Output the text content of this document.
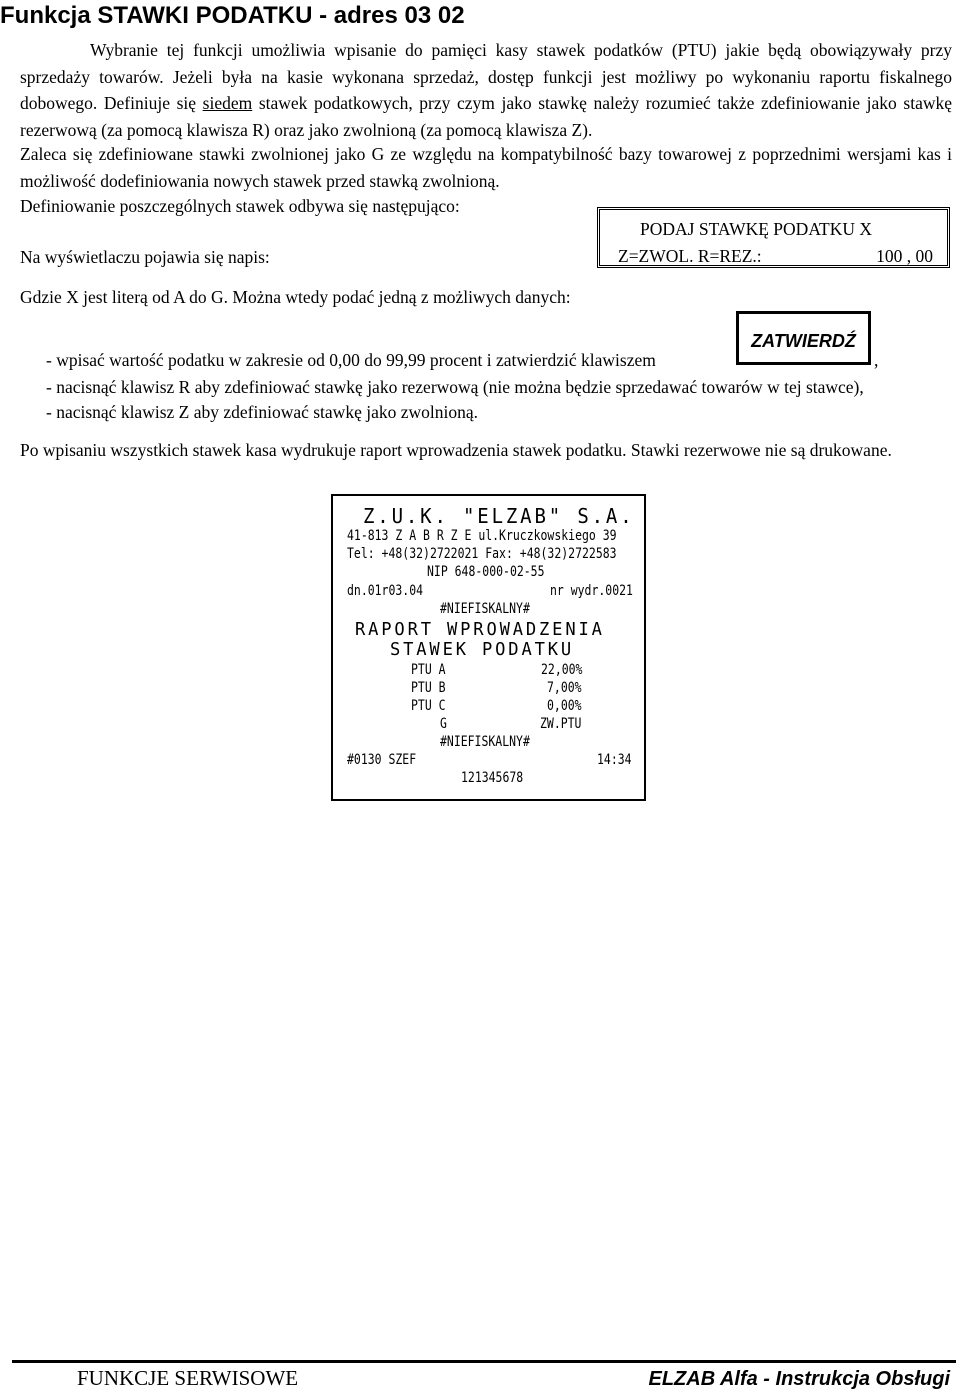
Funkcja STAWKI PODATKU - adres 03 02
Wybranie tej funkcji umożliwia wpisanie do pamięci kasy stawek podatków (PTU) jakie będą obowiązywały przy sprzedaży towarów. Jeżeli była na kasie wykonana sprzedaż, dostęp funkcji jest możliwy po wykonaniu raportu fiskalnego dobowego. Definiuje się siedem stawek podatkowych, przy czym jako stawkę należy rozumieć także zdefiniowanie jako stawkę rezerwową (za pomocą klawisza R) oraz jako zwolnioną (za pomocą klawisza Z).
Zaleca się zdefiniowane stawki zwolnionej jako G ze względu na kompatybilność bazy towarowej z poprzednimi wersjami kas i możliwość dodefiniowania nowych stawek przed stawką zwolnioną.
Definiowanie poszczególnych stawek odbywa się następująco:
Na wyświetlaczu pojawia się napis:
PODAJ STAWKĘ PODATKU X
Z=ZWOL. R=REZ.:	100 , 00
Gdzie X jest literą od A do G. Można wtedy podać jedną z możliwych danych:
ZATWIERDŹ
- wpisać wartość podatku w zakresie od 0,00 do 99,99 procent i zatwierdzić klawiszem	,
- nacisnąć klawisz R aby zdefiniować stawkę jako rezerwową (nie można będzie sprzedawać towarów w tej stawce),
- nacisnąć klawisz Z aby zdefiniować stawkę jako zwolnioną.
Po wpisaniu wszystkich stawek kasa wydrukuje raport wprowadzenia stawek podatku. Stawki rezerwowe nie są drukowane.
Z.U.K. "ELZAB" S.A.
41-813 Z A B R Z E ul.Kruczkowskiego 39
Tel: +48(32)2722021 Fax: +48(32)2722583
NIP 648-000-02-55
dn.01r03.04	nr wydr.0021
#NIEFISKALNY#
RAPORT WPROWADZENIA
STAWEK PODATKU
PTU A	22,00%
PTU B	7,00%
PTU C	0,00%
G	ZW.PTU
#NIEFISKALNY#
#0130 SZEF	14:34
121345678
FUNKCJE SERWISOWE	ELZAB Alfa - Instrukcja Obsługi
